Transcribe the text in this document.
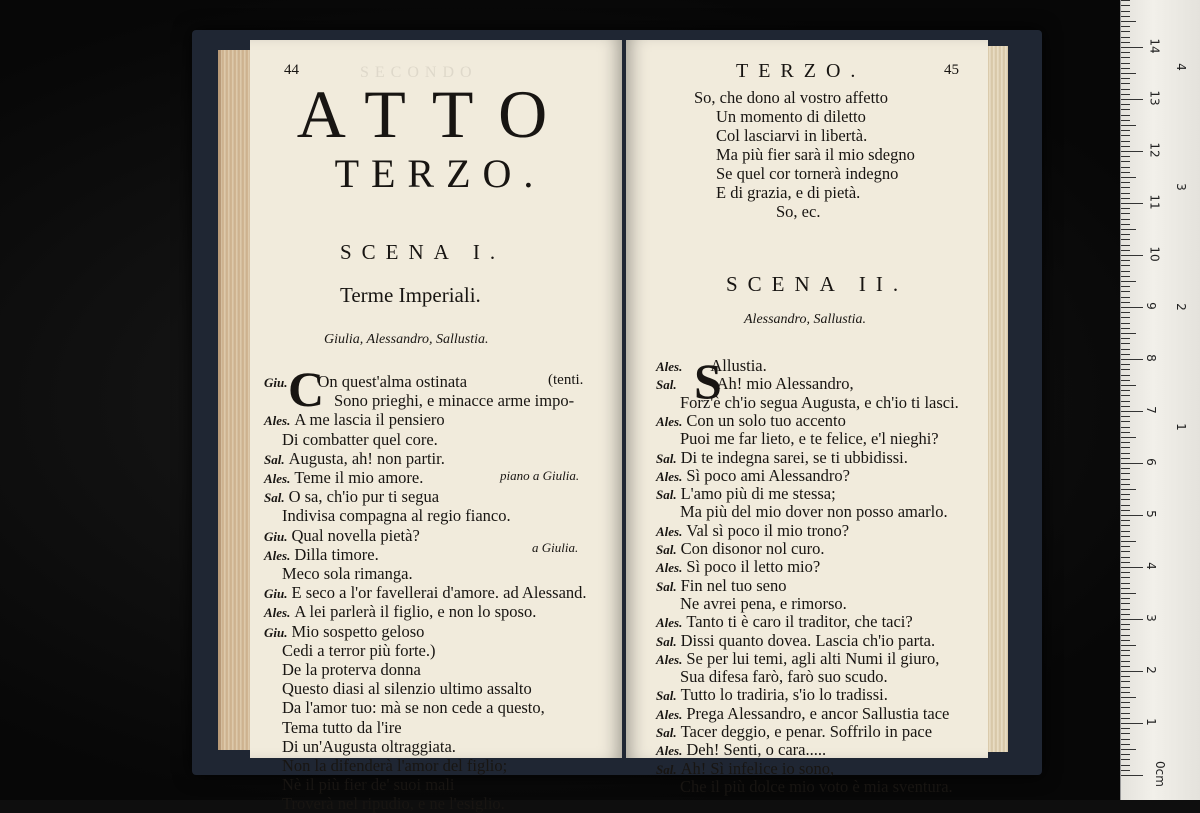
SECONDO
44
ATTO
TERZO.
SCENA I.
Terme Imperiali.
Giulia, Alessandro, Sallustia.
C	(tenti.
piano a Giulia.
a Giulia.
Giu. On quest'alma ostinata
Sono prieghi, e minacce arme impo-
Ales. A me lascia il pensiero
Di combatter quel core.
Sal. Augusta, ah! non partir.
Ales. Teme il mio amore.
Sal. O sa, ch'io pur ti segua
Indivisa compagna al regio fianco.
Giu. Qual novella pietà?
Ales. Dilla timore.
Meco sola rimanga.
Giu. E seco a l'or favellerai d'amore. ad Alessand.
Ales. A lei parlerà il figlio, e non lo sposo.
Giu. Mio sospetto geloso
Cedi a terror più forte.)
De la proterva donna
Questo diasi al silenzio ultimo assalto
Da l'amor tuo: mà se non cede a questo,
Tema tutto da l'ire
Di un'Augusta oltraggiata.
Non la difenderà l'amor del figlio;
Nè il più fier de' suoi mali
Troverà nel ripudio, e ne l'esiglio.
TERZO.	45
So, che dono al vostro affetto
Un momento di diletto
Col lasciarvi in libertà.
Ma più fier sarà il mio sdegno
Se quel cor tornerà indegno
E di grazia, e di pietà.
So, ec.
SCENA II.
Alessandro, Sallustia.
S
Ales. Allustia.
Sal. Ah! mio Alessandro,
Forz'è ch'io segua Augusta, e ch'io ti lasci.
Ales. Con un solo tuo accento
Puoi me far lieto, e te felice, e'l nieghi?
Sal. Di te indegna sarei, se ti ubbidissi.
Ales. Sì poco ami Alessandro?
Sal. L'amo più di me stessa;
Ma più del mio dover non posso amarlo.
Ales. Val sì poco il mio trono?
Sal. Con disonor nol curo.
Ales. Sì poco il letto mio?
Sal. Fin nel tuo seno
Ne avrei pena, e rimorso.
Ales. Tanto ti è caro il traditor, che taci?
Sal. Dissi quanto dovea. Lascia ch'io parta.
Ales. Se per lui temi, agli alti Numi il giuro,
Sua difesa farò, farò suo scudo.
Sal. Tutto lo tradiria, s'io lo tradissi.
Ales. Prega Alessandro, e ancor Sallustia tace
Sal. Tacer deggio, e penar. Soffrilo in pace
Ales. Deh! Senti, o cara.....
Sal. Ah! Sì infelice io sono,
Che il più dolce mio voto è mia sventura.
14
13
12
11
10
9
8
7
6
5
4
3
2
1
0cm
4
3
2
1
